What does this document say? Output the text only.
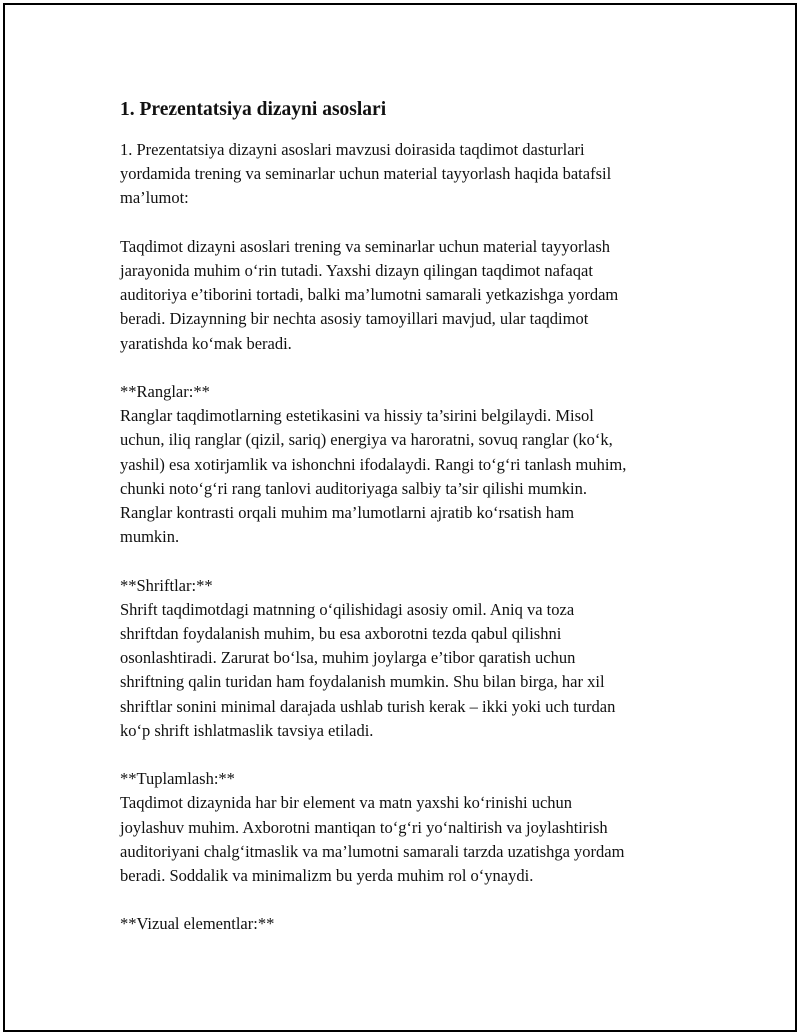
1. Prezentatsiya dizayni asoslari

1. Prezentatsiya dizayni asoslari mavzusi doirasida taqdimot dasturlari
yordamida trening va seminarlar uchun material tayyorlash haqida batafsil
ma’lumot:

Taqdimot dizayni asoslari trening va seminarlar uchun material tayyorlash
jarayonida muhim o‘rin tutadi. Yaxshi dizayn qilingan taqdimot nafaqat
auditoriya e’tiborini tortadi, balki ma’lumotni samarali yetkazishga yordam
beradi. Dizaynning bir nechta asosiy tamoyillari mavjud, ular taqdimot
yaratishda ko‘mak beradi.

**Ranglar:**
Ranglar taqdimotlarning estetikasini va hissiy ta’sirini belgilaydi. Misol
uchun, iliq ranglar (qizil, sariq) energiya va haroratni, sovuq ranglar (ko‘k,
yashil) esa xotirjamlik va ishonchni ifodalaydi. Rangi to‘g‘ri tanlash muhim,
chunki noto‘g‘ri rang tanlovi auditoriyaga salbiy ta’sir qilishi mumkin.
Ranglar kontrasti orqali muhim ma’lumotlarni ajratib ko‘rsatish ham
mumkin.

**Shriftlar:**
Shrift taqdimotdagi matnning o‘qilishidagi asosiy omil. Aniq va toza
shriftdan foydalanish muhim, bu esa axborotni tezda qabul qilishni
osonlashtiradi. Zarurat bo‘lsa, muhim joylarga e’tibor qaratish uchun
shriftning qalin turidan ham foydalanish mumkin. Shu bilan birga, har xil
shriftlar sonini minimal darajada ushlab turish kerak – ikki yoki uch turdan
ko‘p shrift ishlatmaslik tavsiya etiladi.

**Tuplamlash:**
Taqdimot dizaynida har bir element va matn yaxshi ko‘rinishi uchun
joylashuv muhim. Axborotni mantiqan to‘g‘ri yo‘naltirish va joylashtirish
auditoriyani chalg‘itmaslik va ma’lumotni samarali tarzda uzatishga yordam
beradi. Soddalik va minimalizm bu yerda muhim rol o‘ynaydi.

**Vizual elementlar:**
